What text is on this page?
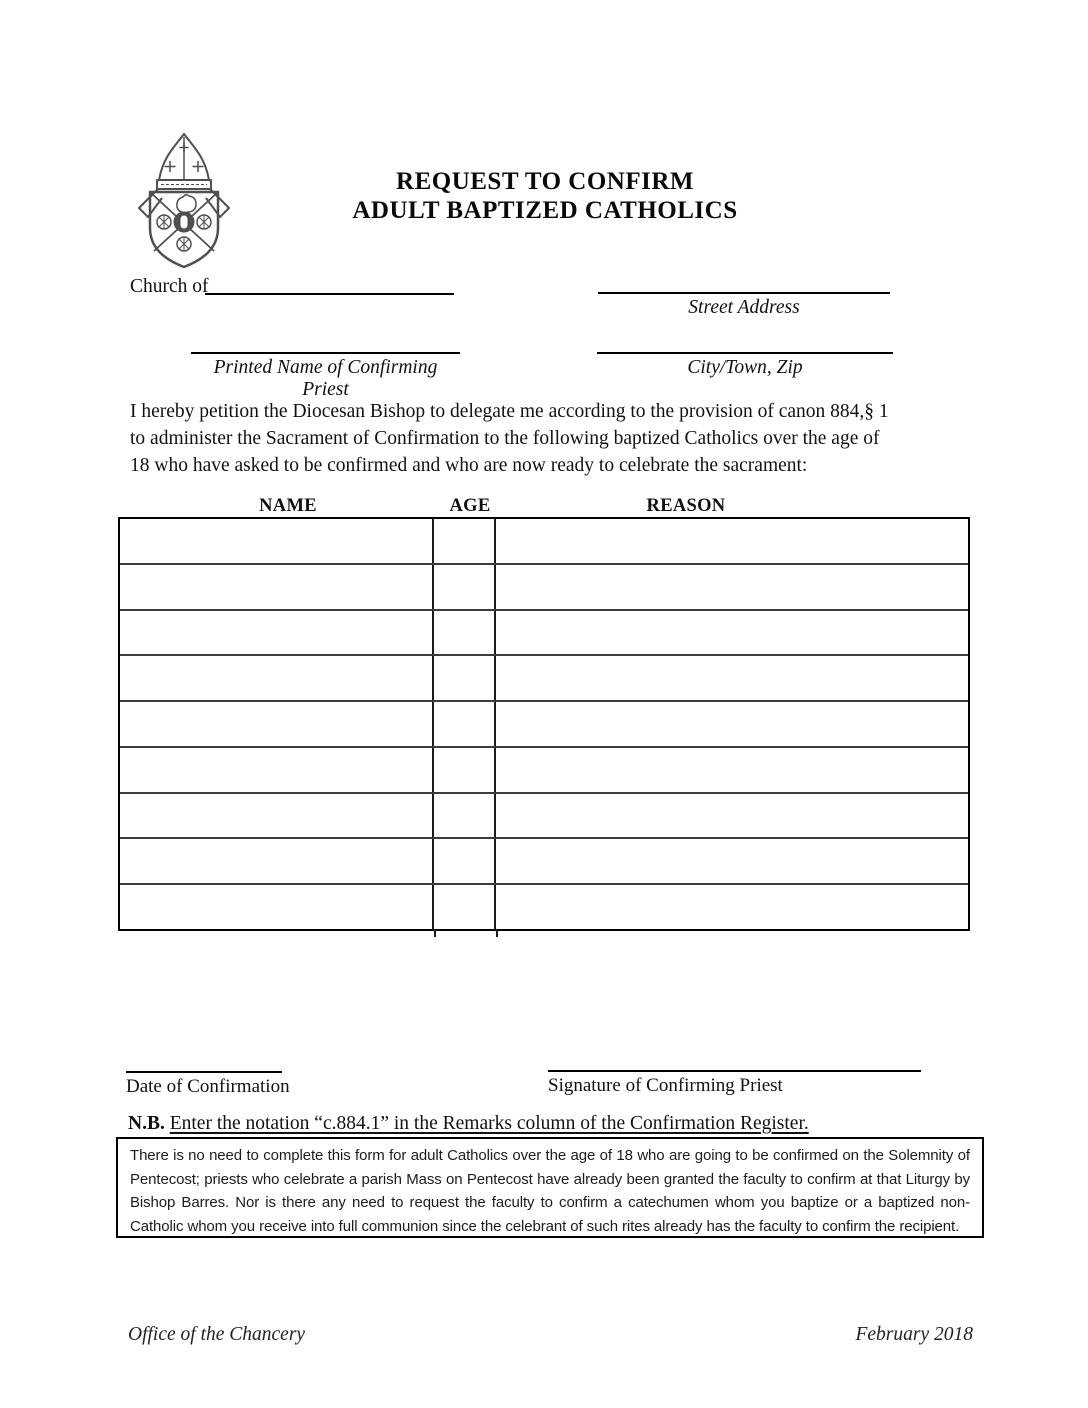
REQUEST TO CONFIRM
ADULT BAPTIZED CATHOLICS
Church of
Street Address
Printed Name of Confirming Priest
City/Town, Zip
I hereby petition the Diocesan Bishop to delegate me according to the provision of canon 884,§ 1
to administer the Sacrament of Confirmation to the following baptized Catholics over the age of
18 who have asked to be confirmed and who are now ready to celebrate the sacrament:
NAME	AGE	REASON
Date of Confirmation	Signature of Confirming Priest
N.B. Enter the notation “c.884.1” in the Remarks column of the Confirmation Register.
There is no need to complete this form for adult Catholics over the age of 18 who are going to be confirmed on the Solemnity of
Pentecost; priests who celebrate a parish Mass on Pentecost have already been granted the faculty to confirm at that Liturgy by
Bishop Barres. Nor is there any need to request the faculty to confirm a catechumen whom you baptize or a baptized non-
Catholic whom you receive into full communion since the celebrant of such rites already has the faculty to confirm the recipient.
Office of the Chancery	February 2018
